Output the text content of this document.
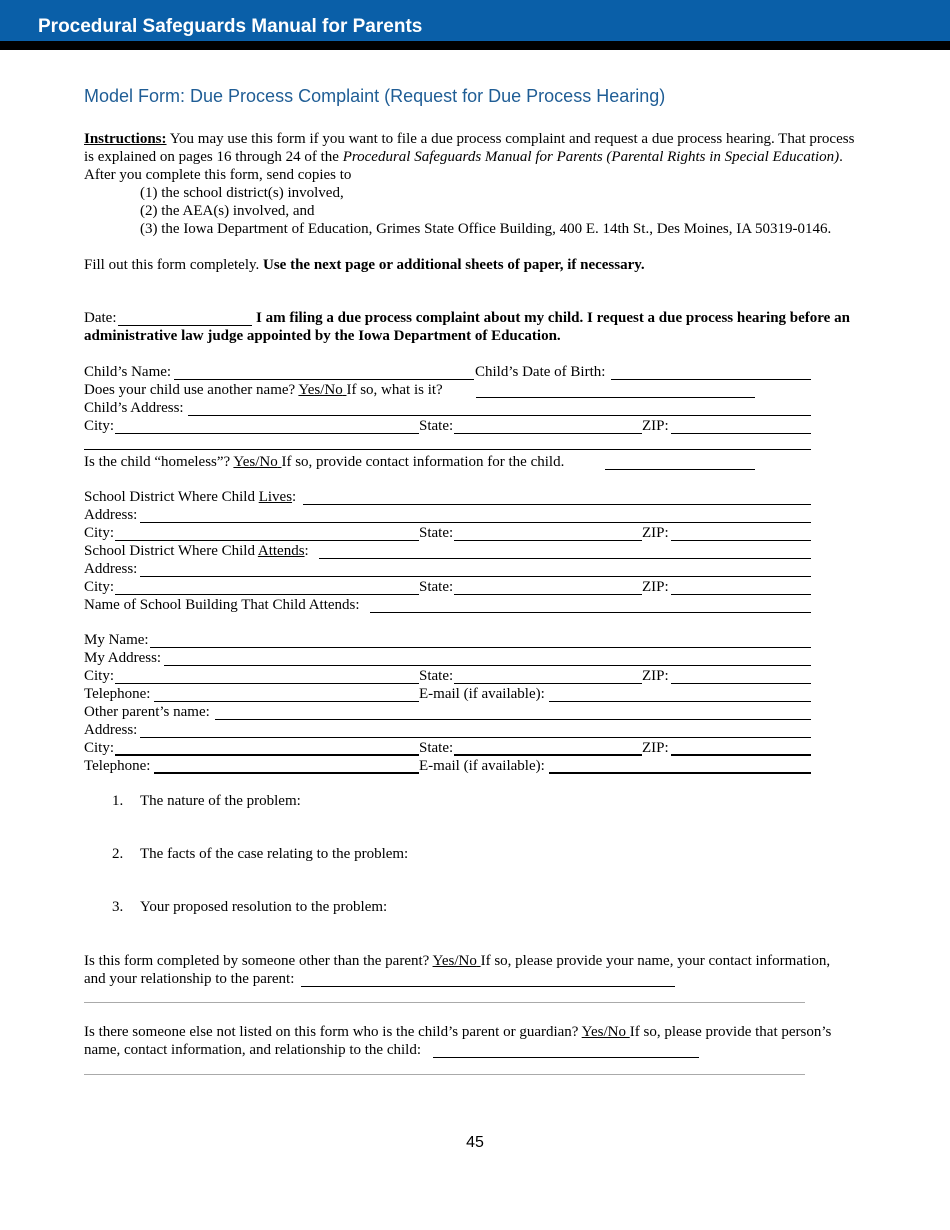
Procedural Safeguards Manual for Parents
Model Form: Due Process Complaint (Request for Due Process Hearing)
Instructions: You may use this form if you want to file a due process complaint and request a due process hearing. That process is explained on pages 16 through 24 of the Procedural Safeguards Manual for Parents (Parental Rights in Special Education). After you complete this form, send copies to
(1) the school district(s) involved,
(2) the AEA(s) involved, and
(3) the Iowa Department of Education, Grimes State Office Building, 400 E. 14th St., Des Moines, IA 50319-0146.
Fill out this form completely. Use the next page or additional sheets of paper, if necessary.
I am filing a due process complaint about my child. I request a due process hearing before an administrative law judge appointed by the Iowa Department of Education.
Date:
Child’s Name:	Child’s Date of Birth:
Does your child use another name? Yes/No If so, what is it?
Child’s Address:
City:	State:	ZIP:
Is the child “homeless”? Yes/No If so, provide contact information for the child.
School District Where Child Lives:
Address:
City:	State:	ZIP:
School District Where Child Attends:
Address:
City:	State:	ZIP:
Name of School Building That Child Attends:
My Name:
My Address:
City:	State:	ZIP:
Telephone:	E-mail (if available):
Other parent’s name:
Address:
City:	State:	ZIP:
Telephone:	E-mail (if available):
1. The nature of the problem:
2. The facts of the case relating to the problem:
3. Your proposed resolution to the problem:
Is this form completed by someone other than the parent? Yes/No If so, please provide your name, your contact information,
and your relationship to the parent:
Is there someone else not listed on this form who is the child’s parent or guardian? Yes/No If so, please provide that person’s
name, contact information, and relationship to the child:
45
